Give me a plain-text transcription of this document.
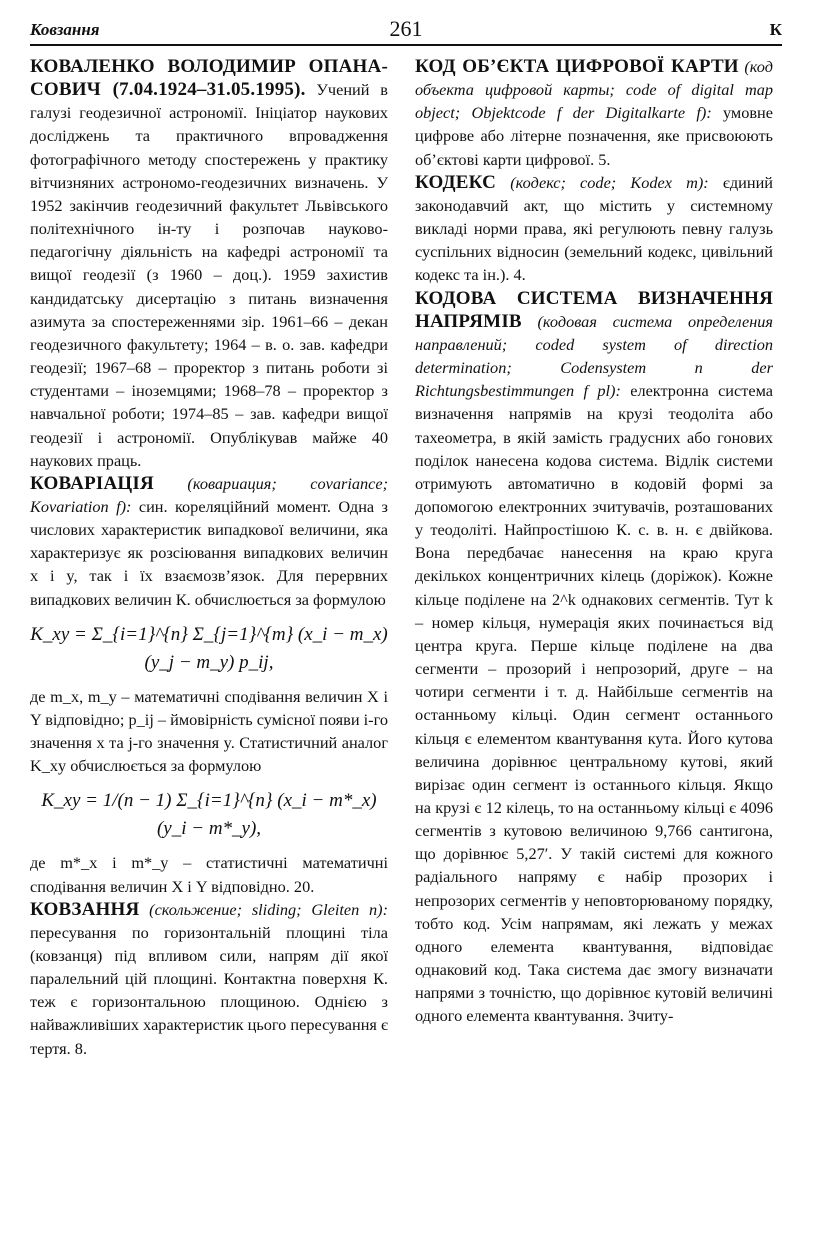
Ковзання	261	К

КОВАЛЕНКО ВОЛОДИМИР ОПАНА-СОВИЧ (7.04.1924–31.05.1995). Учений в галузі геодезичної астрономії. Ініціатор наукових досліджень та практичного впровадження фотографічного методу спостережень у практику вітчизняних астрономо-геодезичних визначень. У 1952 закінчив геодезичний факультет Львівського політехнічного ін-ту і розпочав науково-педагогічну діяльність на кафедрі астрономії та вищої геодезії (з 1960 – доц.). 1959 захистив кандидатську дисертацію з питань визначення азимута за спостереженнями зір. 1961–66 – декан геодезичного факультету; 1964 – в. о. зав. кафедри геодезії; 1967–68 – проректор з питань роботи зі студентами – іноземцями; 1968–78 – проректор з навчальної роботи; 1974–85 – зав. кафедри вищої геодезії і астрономії. Опублікував майже 40 наукових праць.

КОВАРІАЦІЯ (ковариация; covariance; Kovariation f): син. кореляційний момент. Одна з числових характеристик випадкової величини, яка характеризує як розсіювання випадкових величин x і y, так і їх взаємозв’язок. Для перервних випадкових величин К. обчислюється за формулою

K_xy = Σ_{i=1}^{n} Σ_{j=1}^{m} (x_i − m_x)(y_j − m_y) p_ij,

де m_x, m_y – математичні сподівання величин X і Y відповідно; p_ij – ймовірність сумісної появи i-го значення x та j-го значення y. Статистичний аналог K_xy обчислюється за формулою

K_xy = 1/(n − 1) Σ_{i=1}^{n} (x_i − m*_x)(y_i − m*_y),

де m*_x і m*_y – статистичні математичні сподівання величин X і Y відповідно. 20.

КОВЗАННЯ (скольжение; sliding; Gleiten n): пересування по горизонтальній площині тіла (ковзанця) під впливом сили, напрям дії якої паралельний цій площині. Контактна поверхня К. теж є горизонтальною площиною. Однією з найважливіших характеристик цього пересування є тертя. 8.

КОД ОБ’ЄКТА ЦИФРОВОЇ КАРТИ (код объекта цифровой карты; code of digital map object; Objektcode f der Digitalkarte f): умовне цифрове або літерне позначення, яке присвоюють об’єктові карти цифрової. 5.

КОДЕКС (кодекс; code; Kodex m): єдиний законодавчий акт, що містить у системному викладі норми права, які регулюють певну галузь суспільних відносин (земельний кодекс, цивільний кодекс та ін.). 4.

КОДОВА СИСТЕМА ВИЗНАЧЕННЯ НАПРЯМІВ (кодовая система определения направлений; coded system of direction determination; Codensystem n der Richtungsbestimmungen f pl): електронна система визначення напрямів на крузі теодоліта або тахеометра, в якій замість градусних або гонових поділок нанесена кодова система. Відлік системи отримують автоматично в кодовій формі за допомогою електронних зчитувачів, розташованих у теодоліті. Найпростішою К. с. в. н. є двійкова. Вона передбачає нанесення на краю круга декількох концентричних кілець (доріжок). Кожне кільце поділене на 2^k однакових сегментів. Тут k – номер кільця, нумерація яких починається від центра круга. Перше кільце поділене на два сегменти – прозорий і непрозорий, друге – на чотири сегменти і т. д. Найбільше сегментів на останньому кільці. Один сегмент останнього кільця є елементом квантування кута. Його кутова величина дорівнює центральному кутові, який вирізає один сегмент із останнього кільця. Якщо на крузі є 12 кілець, то на останньому кільці є 4096 сегментів з кутовою величиною 9,766 сантигона, що дорівнює 5,27′. У такій системі для кожного радіального напряму є набір прозорих і непрозорих сегментів у неповторюваному порядку, тобто код. Усім напрямам, які лежать у межах одного елемента квантування, відповідає однаковий код. Така система дає змогу визначати напрями з точністю, що дорівнює кутовій величині одного елемента квантування. Зчиту-
